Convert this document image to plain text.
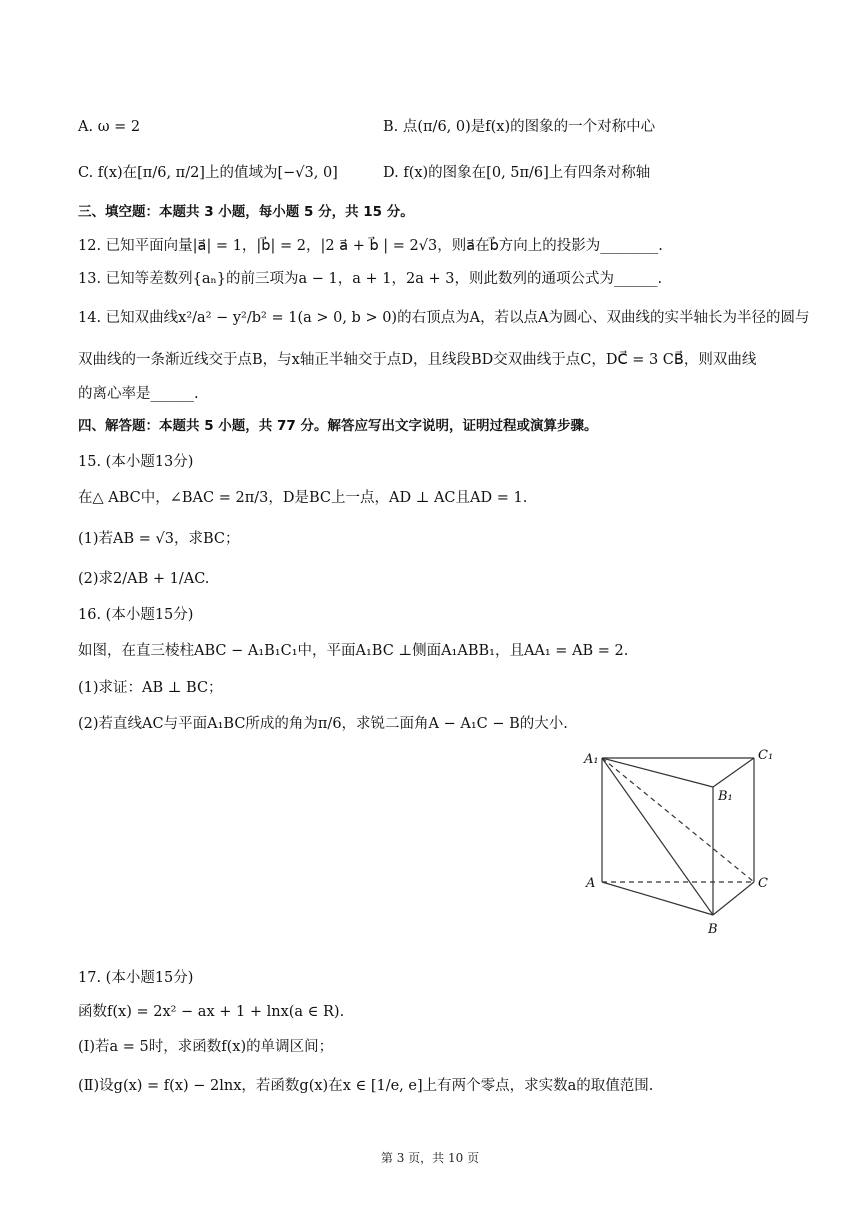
A. ω = 2	B. 点(π/6, 0)是f(x)的图象的一个对称中心
C. f(x)在[π/6, π/2]上的值域为[−√3, 0]	D. f(x)的图象在[0, 5π/6]上有四条对称轴
三、填空题：本题共 3 小题，每小题 5 分，共 15 分。
12. 已知平面向量|a⃗| = 1，|b⃗| = 2，|2 a⃗ + b⃗ | = 2√3，则a⃗在b⃗方向上的投影为________.
13. 已知等差数列{aₙ}的前三项为a − 1，a + 1，2a + 3，则此数列的通项公式为______.
14. 已知双曲线x²/a² − y²/b² = 1(a > 0, b > 0)的右顶点为A，若以点A为圆心、双曲线的实半轴长为半径的圆与
双曲线的一条渐近线交于点B，与x轴正半轴交于点D，且线段BD交双曲线于点C，DC⃗ = 3 CB⃗，则双曲线
的离心率是______.
四、解答题：本题共 5 小题，共 77 分。解答应写出文字说明，证明过程或演算步骤。
15. (本小题13分)
在△ ABC中，∠BAC = 2π/3，D是BC上一点，AD ⊥ AC且AD = 1.
(1)若AB = √3，求BC；
(2)求2/AB + 1/AC.
16. (本小题15分)
如图，在直三棱柱ABC − A₁B₁C₁中，平面A₁BC ⊥侧面A₁ABB₁，且AA₁ = AB = 2.
(1)求证：AB ⊥ BC；
(2)若直线AC与平面A₁BC所成的角为π/6，求锐二面角A − A₁C − B的大小.
A₁	C₁
B₁
A	C
B
17. (本小题15分)
函数f(x) = 2x² − ax + 1 + lnx(a ∈ R).
(Ⅰ)若a = 5时，求函数f(x)的单调区间；
(Ⅱ)设g(x) = f(x) − 2lnx，若函数g(x)在x ∈ [1/e, e]上有两个零点，求实数a的取值范围.
第 3 页，共 10 页
